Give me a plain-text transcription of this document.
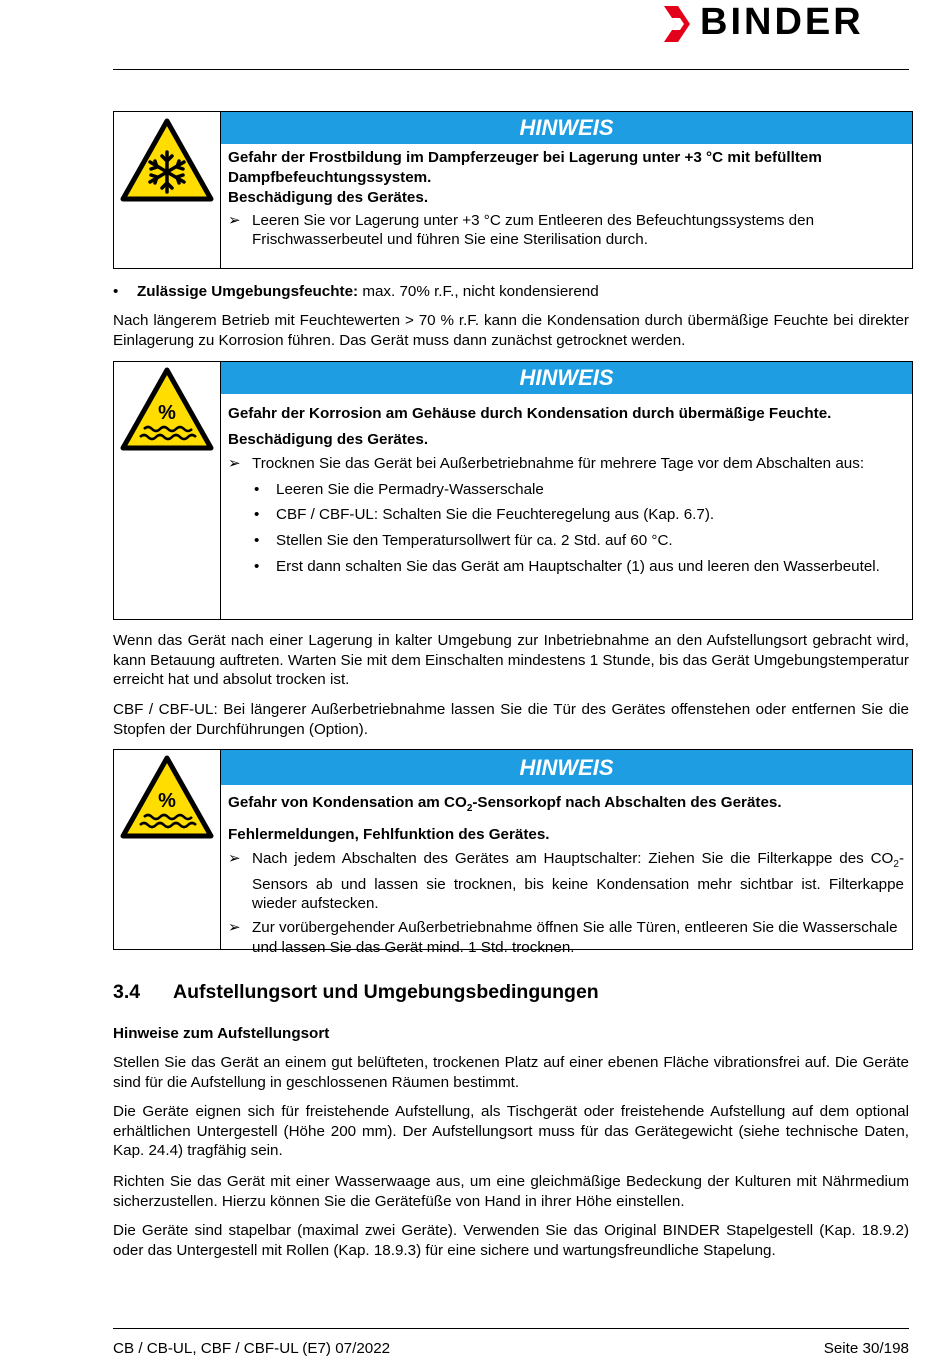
BINDER
HINWEIS

Gefahr der Frostbildung im Dampferzeuger bei Lagerung unter +3 °C mit befülltem Dampfbefeuchtungssystem.

Beschädigung des Gerätes.

➢ Leeren Sie vor Lagerung unter +3 °C zum Entleeren des Befeuchtungssystems den Frischwasserbeutel und führen Sie eine Sterilisation durch.
• Zulässige Umgebungsfeuchte: max. 70% r.F., nicht kondensierend

Nach längerem Betrieb mit Feuchtewerten > 70 % r.F. kann die Kondensation durch übermäßige Feuchte bei direkter Einlagerung zu Korrosion führen. Das Gerät muss dann zunächst getrocknet werden.

%
HINWEIS

Gefahr der Korrosion am Gehäuse durch Kondensation durch übermäßige Feuchte.

Beschädigung des Gerätes.

➢ Trocknen Sie das Gerät bei Außerbetriebnahme für mehrere Tage vor dem Abschalten aus:
• Leeren Sie die Permadry-Wasserschale
• CBF / CBF-UL: Schalten Sie die Feuchteregelung aus (Kap. 6.7).
• Stellen Sie den Temperatursollwert für ca. 2 Std. auf 60 °C.
• Erst dann schalten Sie das Gerät am Hauptschalter (1) aus und leeren den Wasserbeutel.

Wenn das Gerät nach einer Lagerung in kalter Umgebung zur Inbetriebnahme an den Aufstellungsort gebracht wird, kann Betauung auftreten. Warten Sie mit dem Einschalten mindestens 1 Stunde, bis das Gerät Umgebungstemperatur erreicht hat und absolut trocken ist.

CBF / CBF-UL: Bei längerer Außerbetriebnahme lassen Sie die Tür des Gerätes offenstehen oder entfernen Sie die Stopfen der Durchführungen (Option).

%
HINWEIS

Gefahr von Kondensation am $CO_2$-Sensorkopf nach Abschalten des Gerätes.

Fehlermeldungen, Fehlfunktion des Gerätes.

➢ Nach jedem Abschalten des Gerätes am Hauptschalter: Ziehen Sie die Filterkappe des $CO_2$-Sensors ab und lassen sie trocknen, bis keine Kondensation mehr sichtbar ist. Filterkappe wieder aufstecken.
➢ Zur vorübergehender Außerbetriebnahme öffnen Sie alle Türen, entleeren Sie die Wasserschale und lassen Sie das Gerät mind. 1 Std. trocknen.
3.4 Aufstellungsort und Umgebungsbedingungen

Hinweise zum Aufstellungsort

Stellen Sie das Gerät an einem gut belüfteten, trockenen Platz auf einer ebenen Fläche vibrationsfrei auf. Die Geräte sind für die Aufstellung in geschlossenen Räumen bestimmt.

Die Geräte eignen sich für freistehende Aufstellung, als Tischgerät oder freistehende Aufstellung auf dem optional erhältlichen Untergestell (Höhe 200 mm). Der Aufstellungsort muss für das Gerätegewicht (siehe technische Daten, Kap. 24.4) tragfähig sein.

Richten Sie das Gerät mit einer Wasserwaage aus, um eine gleichmäßige Bedeckung der Kulturen mit Nährmedium sicherzustellen. Hierzu können Sie die Gerätefüße von Hand in ihrer Höhe einstellen.

Die Geräte sind stapelbar (maximal zwei Geräte). Verwenden Sie das Original BINDER Stapelgestell (Kap. 18.9.2) oder das Untergestell mit Rollen (Kap. 18.9.3) für eine sichere und wartungsfreundliche Stapelung.

CB / CB-UL, CBF / CBF-UL (E7) 07/2022	Seite 30/198
